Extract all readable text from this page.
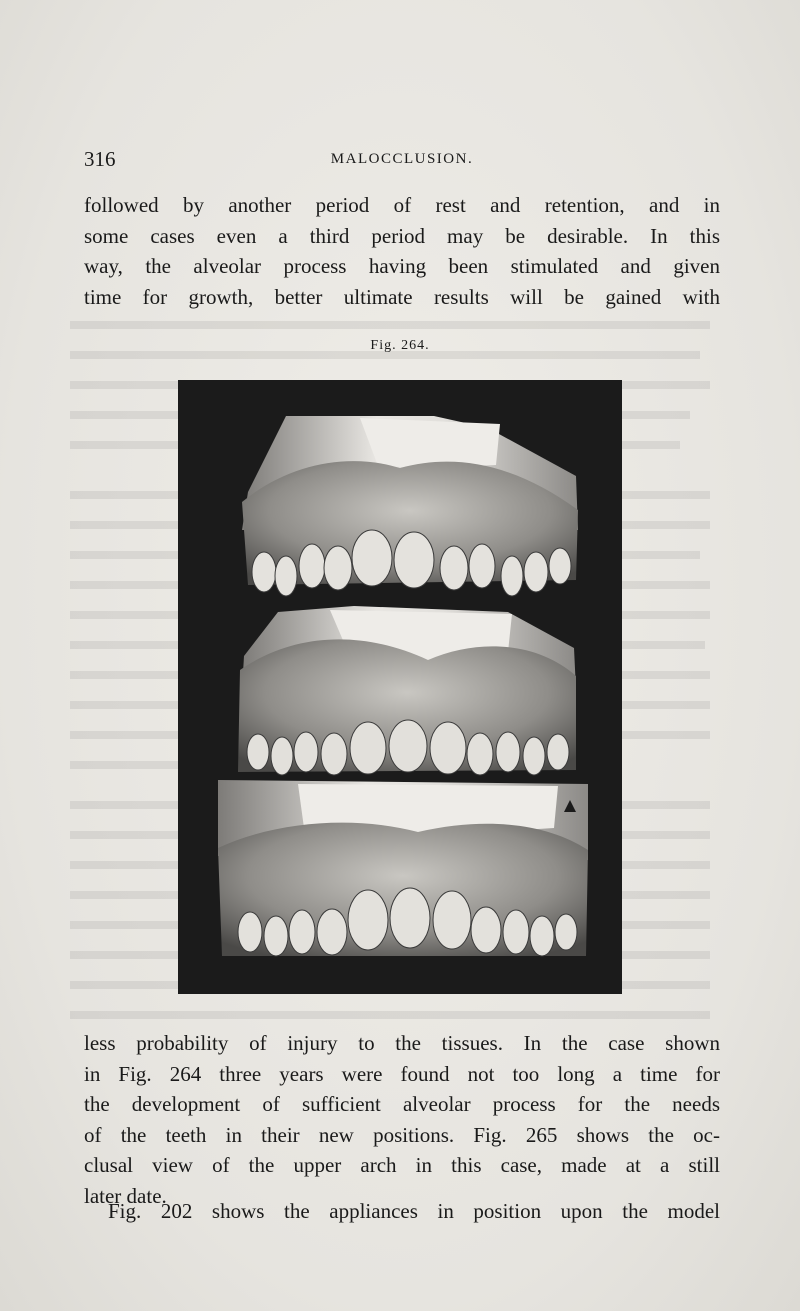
316	MALOCCLUSION.

followed by another period of rest and retention, and in
some cases even a third period may be desirable. In this
way, the alveolar process having been stimulated and given
time for growth, better ultimate results will be gained with

Fig. 264.

less probability of injury to the tissues. In the case shown
in Fig. 264 three years were found not too long a time for
the development of sufficient alveolar process for the needs
of the teeth in their new positions. Fig. 265 shows the oc-
clusal view of the upper arch in this case, made at a still
later date.

Fig. 202 shows the appliances in position upon the model
